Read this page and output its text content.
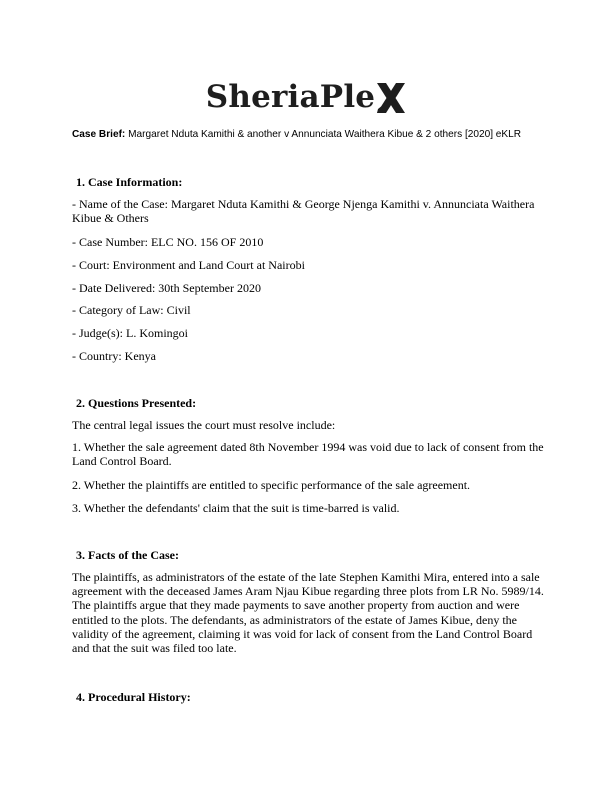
SheriaPle
Case Brief: Margaret Nduta Kamithi & another v Annunciata Waithera Kibue & 2 others [2020] eKLR

1. Case Information:

- Name of the Case: Margaret Nduta Kamithi & George Njenga Kamithi v. Annunciata Waithera Kibue & Others

- Case Number: ELC NO. 156 OF 2010

- Court: Environment and Land Court at Nairobi

- Date Delivered: 30th September 2020

- Category of Law: Civil

- Judge(s): L. Komingoi

- Country: Kenya

2. Questions Presented:

The central legal issues the court must resolve include:

1. Whether the sale agreement dated 8th November 1994 was void due to lack of consent from the Land Control Board.

2. Whether the plaintiffs are entitled to specific performance of the sale agreement.

3. Whether the defendants' claim that the suit is time-barred is valid.

3. Facts of the Case:

The plaintiffs, as administrators of the estate of the late Stephen Kamithi Mira, entered into a sale agreement with the deceased James Aram Njau Kibue regarding three plots from LR No. 5989/14. The plaintiffs argue that they made payments to save another property from auction and were entitled to the plots. The defendants, as administrators of the estate of James Kibue, deny the validity of the agreement, claiming it was void for lack of consent from the Land Control Board and that the suit was filed too late.

4. Procedural History:
